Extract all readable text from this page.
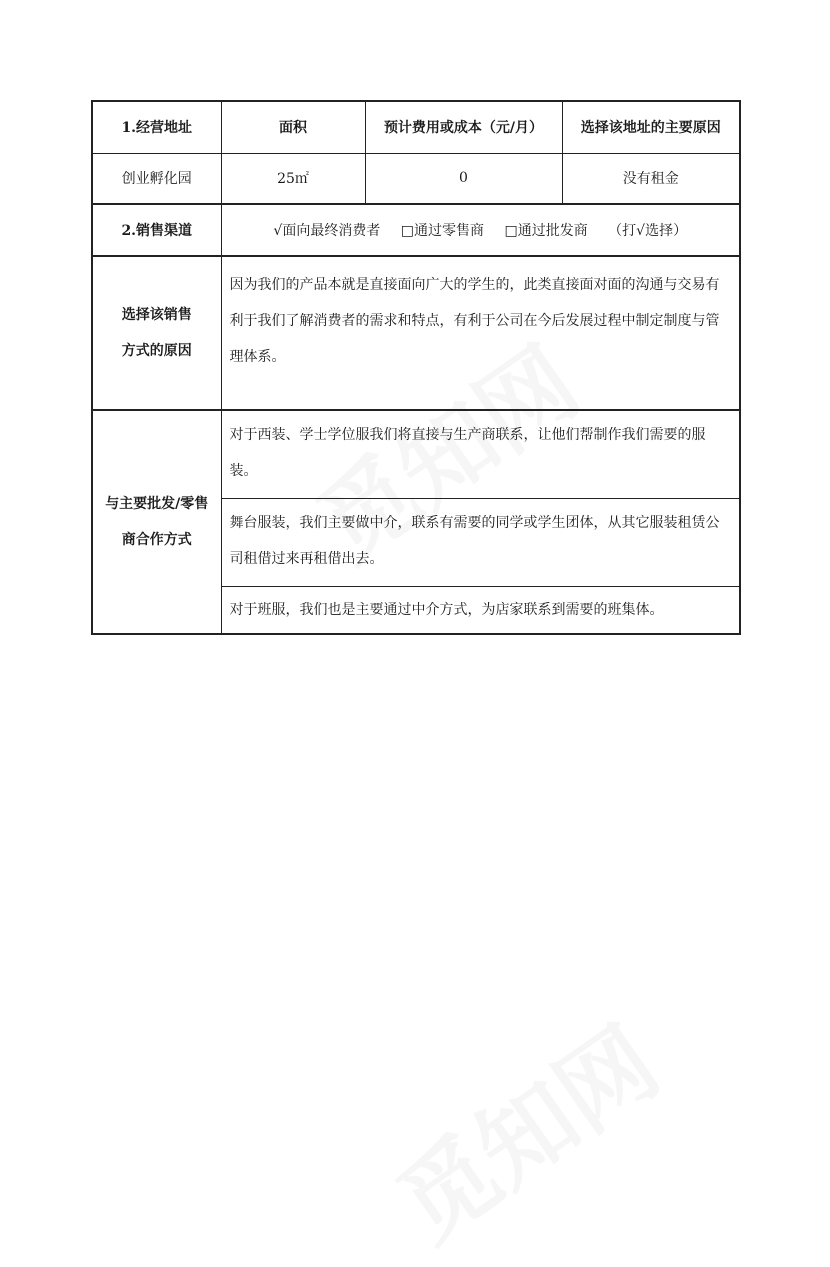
1.经营地址	面积	预计费用或成本（元/月）	选择该地址的主要原因
创业孵化园	25㎡	0	没有租金
2.销售渠道	√面向最终消费者 □通过零售商 □通过批发商 （打√选择）		

选择该销售
方式的原因	因为我们的产品本就是直接面向广大的学生的，此类直接面对面的沟通与交易有利于我们了解消费者的需求和特点，有利于公司在今后发展过程中制定制度与管理体系。		

与主要批发/零售
商合作方式	对于西装、学士学位服我们将直接与生产商联系，让他们帮制作我们需要的服装。		
	舞台服装，我们主要做中介，联系有需要的同学或学生团体，从其它服装租赁公司租借过来再租借出去。		
	对于班服，我们也是主要通过中介方式，为店家联系到需要的班集体。		
